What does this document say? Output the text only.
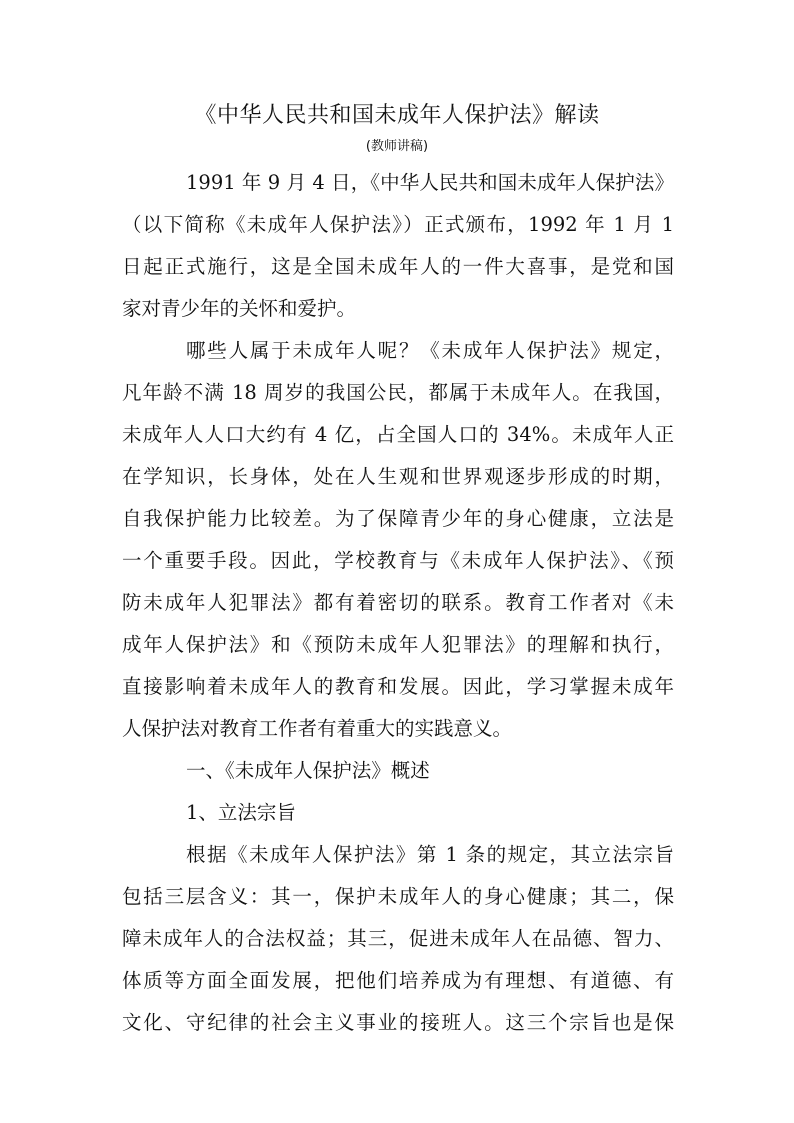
《中华人民共和国未成年人保护法》解读
(教师讲稿)
1991 年 9 月 4 日，《中华人民共和国未成年人保护法》
（以下简称《未成年人保护法》）正式颁布，1992 年 1 月 1
日起正式施行，这是全国未成年人的一件大喜事，是党和国
家对青少年的关怀和爱护。
哪些人属于未成年人呢？《未成年人保护法》规定，
凡年龄不满 18 周岁的我国公民，都属于未成年人。在我国，
未成年人人口大约有 4 亿，占全国人口的 34%。未成年人正
在学知识，长身体，处在人生观和世界观逐步形成的时期，
自我保护能力比较差。为了保障青少年的身心健康，立法是
一个重要手段。因此，学校教育与《未成年人保护法》、《预
防未成年人犯罪法》都有着密切的联系。教育工作者对《未
成年人保护法》和《预防未成年人犯罪法》的理解和执行，
直接影响着未成年人的教育和发展。因此，学习掌握未成年
人保护法对教育工作者有着重大的实践意义。
一、《未成年人保护法》概述
1、立法宗旨
根据《未成年人保护法》第 1 条的规定，其立法宗旨
包括三层含义：其一，保护未成年人的身心健康；其二，保
障未成年人的合法权益；其三，促进未成年人在品德、智力、
体质等方面全面发展，把他们培养成为有理想、有道德、有
文化、守纪律的社会主义事业的接班人。这三个宗旨也是保
